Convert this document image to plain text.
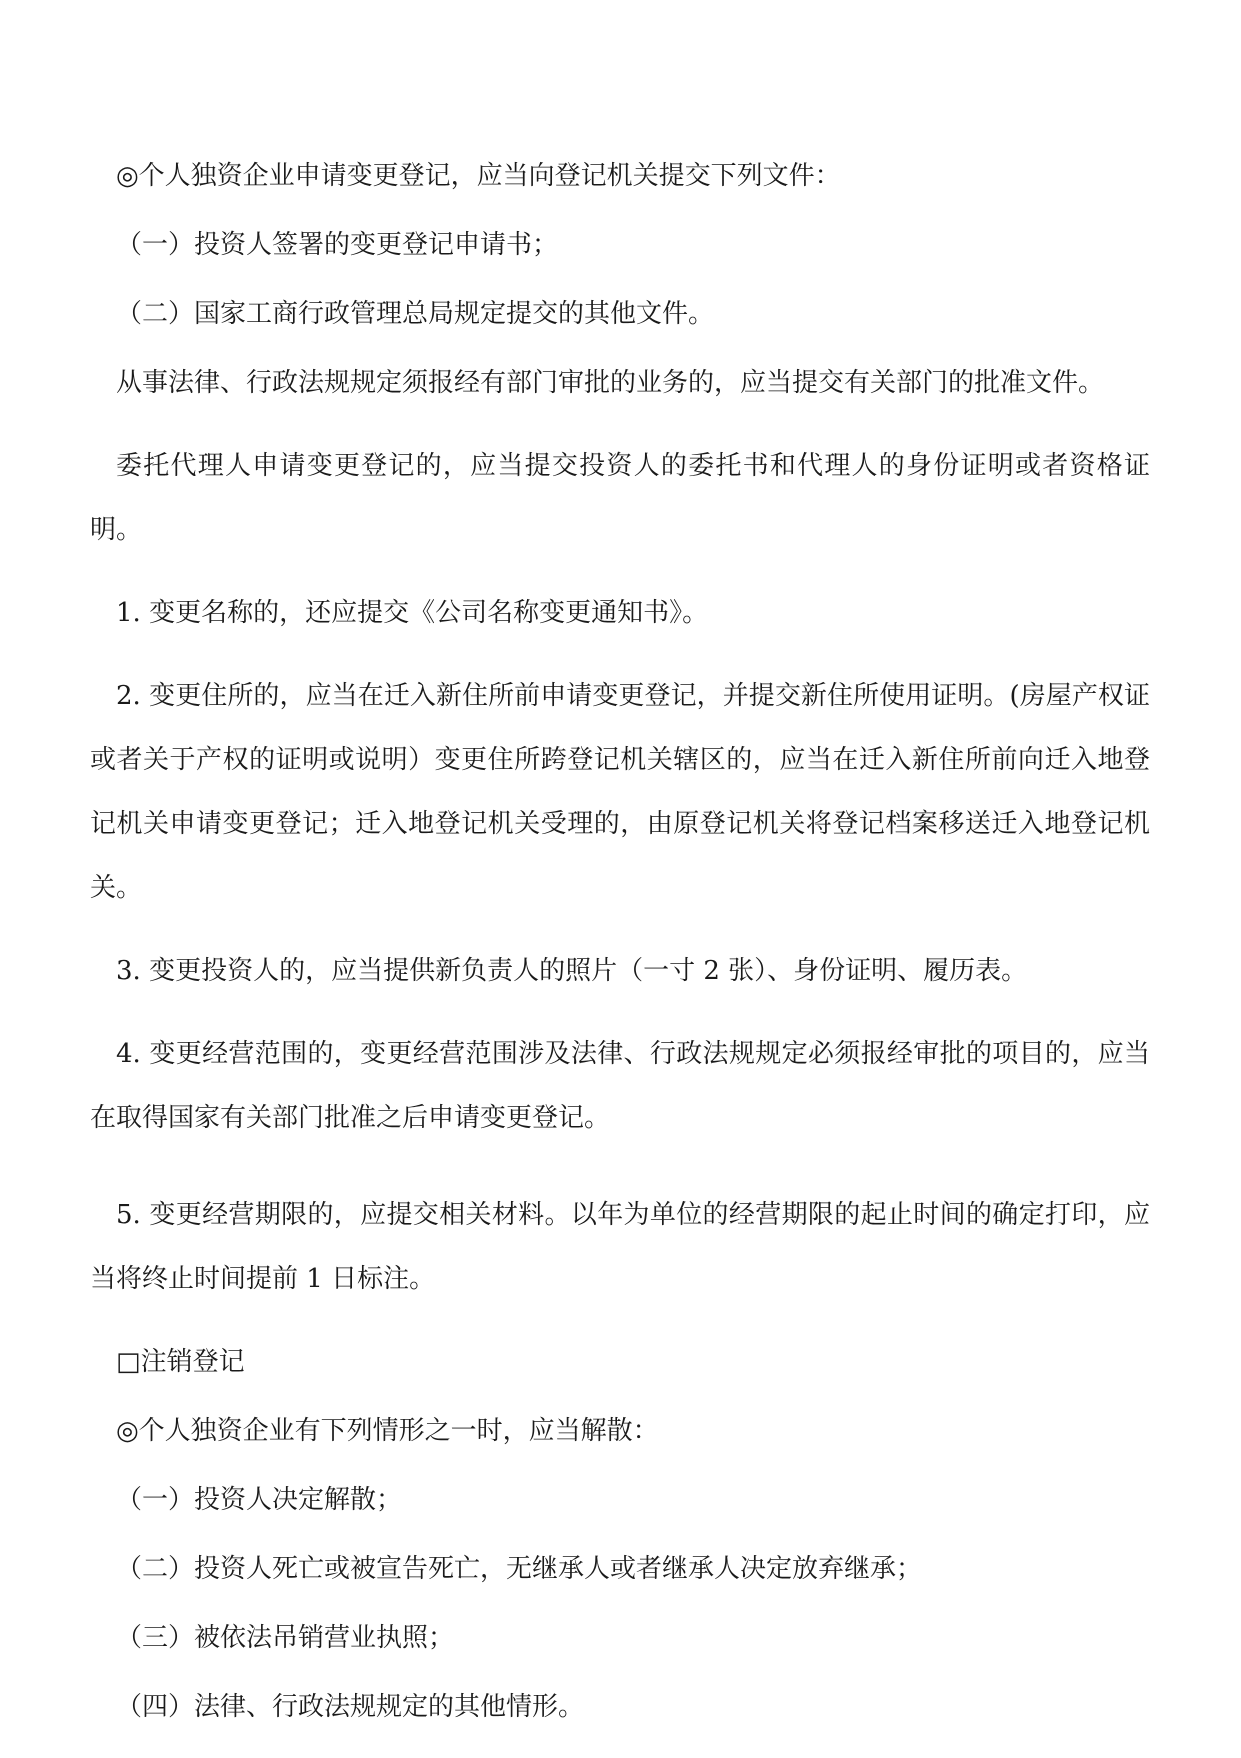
◎个人独资企业申请变更登记，应当向登记机关提交下列文件：

（一）投资人签署的变更登记申请书；

（二）国家工商行政管理总局规定提交的其他文件。

从事法律、行政法规规定须报经有部门审批的业务的，应当提交有关部门的批准文件。

委托代理人申请变更登记的，应当提交投资人的委托书和代理人的身份证明或者资格证明。

1. 变更名称的，还应提交《公司名称变更通知书》。

2. 变更住所的，应当在迁入新住所前申请变更登记，并提交新住所使用证明。(房屋产权证或者关于产权的证明或说明）变更住所跨登记机关辖区的，应当在迁入新住所前向迁入地登记机关申请变更登记；迁入地登记机关受理的，由原登记机关将登记档案移送迁入地登记机关。

3. 变更投资人的，应当提供新负责人的照片（一寸 2 张）、身份证明、履历表。

4. 变更经营范围的，变更经营范围涉及法律、行政法规规定必须报经审批的项目的，应当在取得国家有关部门批准之后申请变更登记。

5. 变更经营期限的，应提交相关材料。以年为单位的经营期限的起止时间的确定打印，应当将终止时间提前 1 日标注。

□注销登记

◎个人独资企业有下列情形之一时，应当解散：

（一）投资人决定解散；

（二）投资人死亡或被宣告死亡，无继承人或者继承人决定放弃继承；

（三）被依法吊销营业执照；

（四）法律、行政法规规定的其他情形。
